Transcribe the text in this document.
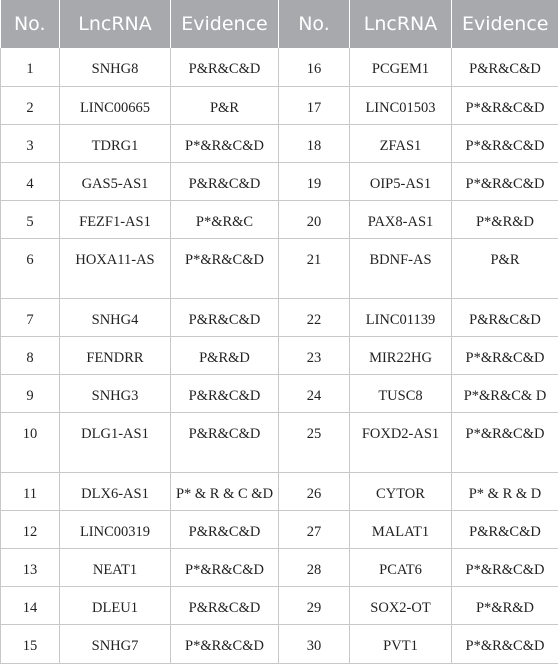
No.	LncRNA	Evidence	No.	LncRNA	Evidence
1	SNHG8	P&R&C&D	16	PCGEM1	P&R&C&D
2	LINC00665	P&R	17	LINC01503	P*&R&C&D
3	TDRG1	P*&R&C&D	18	ZFAS1	P*&R&C&D
4	GAS5-AS1	P&R&C&D	19	OIP5-AS1	P*&R&C&D
5	FEZF1-AS1	P*&R&C	20	PAX8-AS1	P*&R&D
6	HOXA11-AS	P*&R&C&D	21	BDNF-AS	P&R
7	SNHG4	P&R&C&D	22	LINC01139	P&R&C&D
8	FENDRR	P&R&D	23	MIR22HG	P*&R&C&D
9	SNHG3	P&R&C&D	24	TUSC8	P*&R&C& D
10	DLG1-AS1	P&R&C&D	25	FOXD2-AS1	P*&R&C&D
11	DLX6-AS1	P* & R & C &D	26	CYTOR	P* & R & D
12	LINC00319	P&R&C&D	27	MALAT1	P&R&C&D
13	NEAT1	P*&R&C&D	28	PCAT6	P*&R&C&D
14	DLEU1	P&R&C&D	29	SOX2-OT	P*&R&D
15	SNHG7	P*&R&C&D	30	PVT1	P*&R&C&D
